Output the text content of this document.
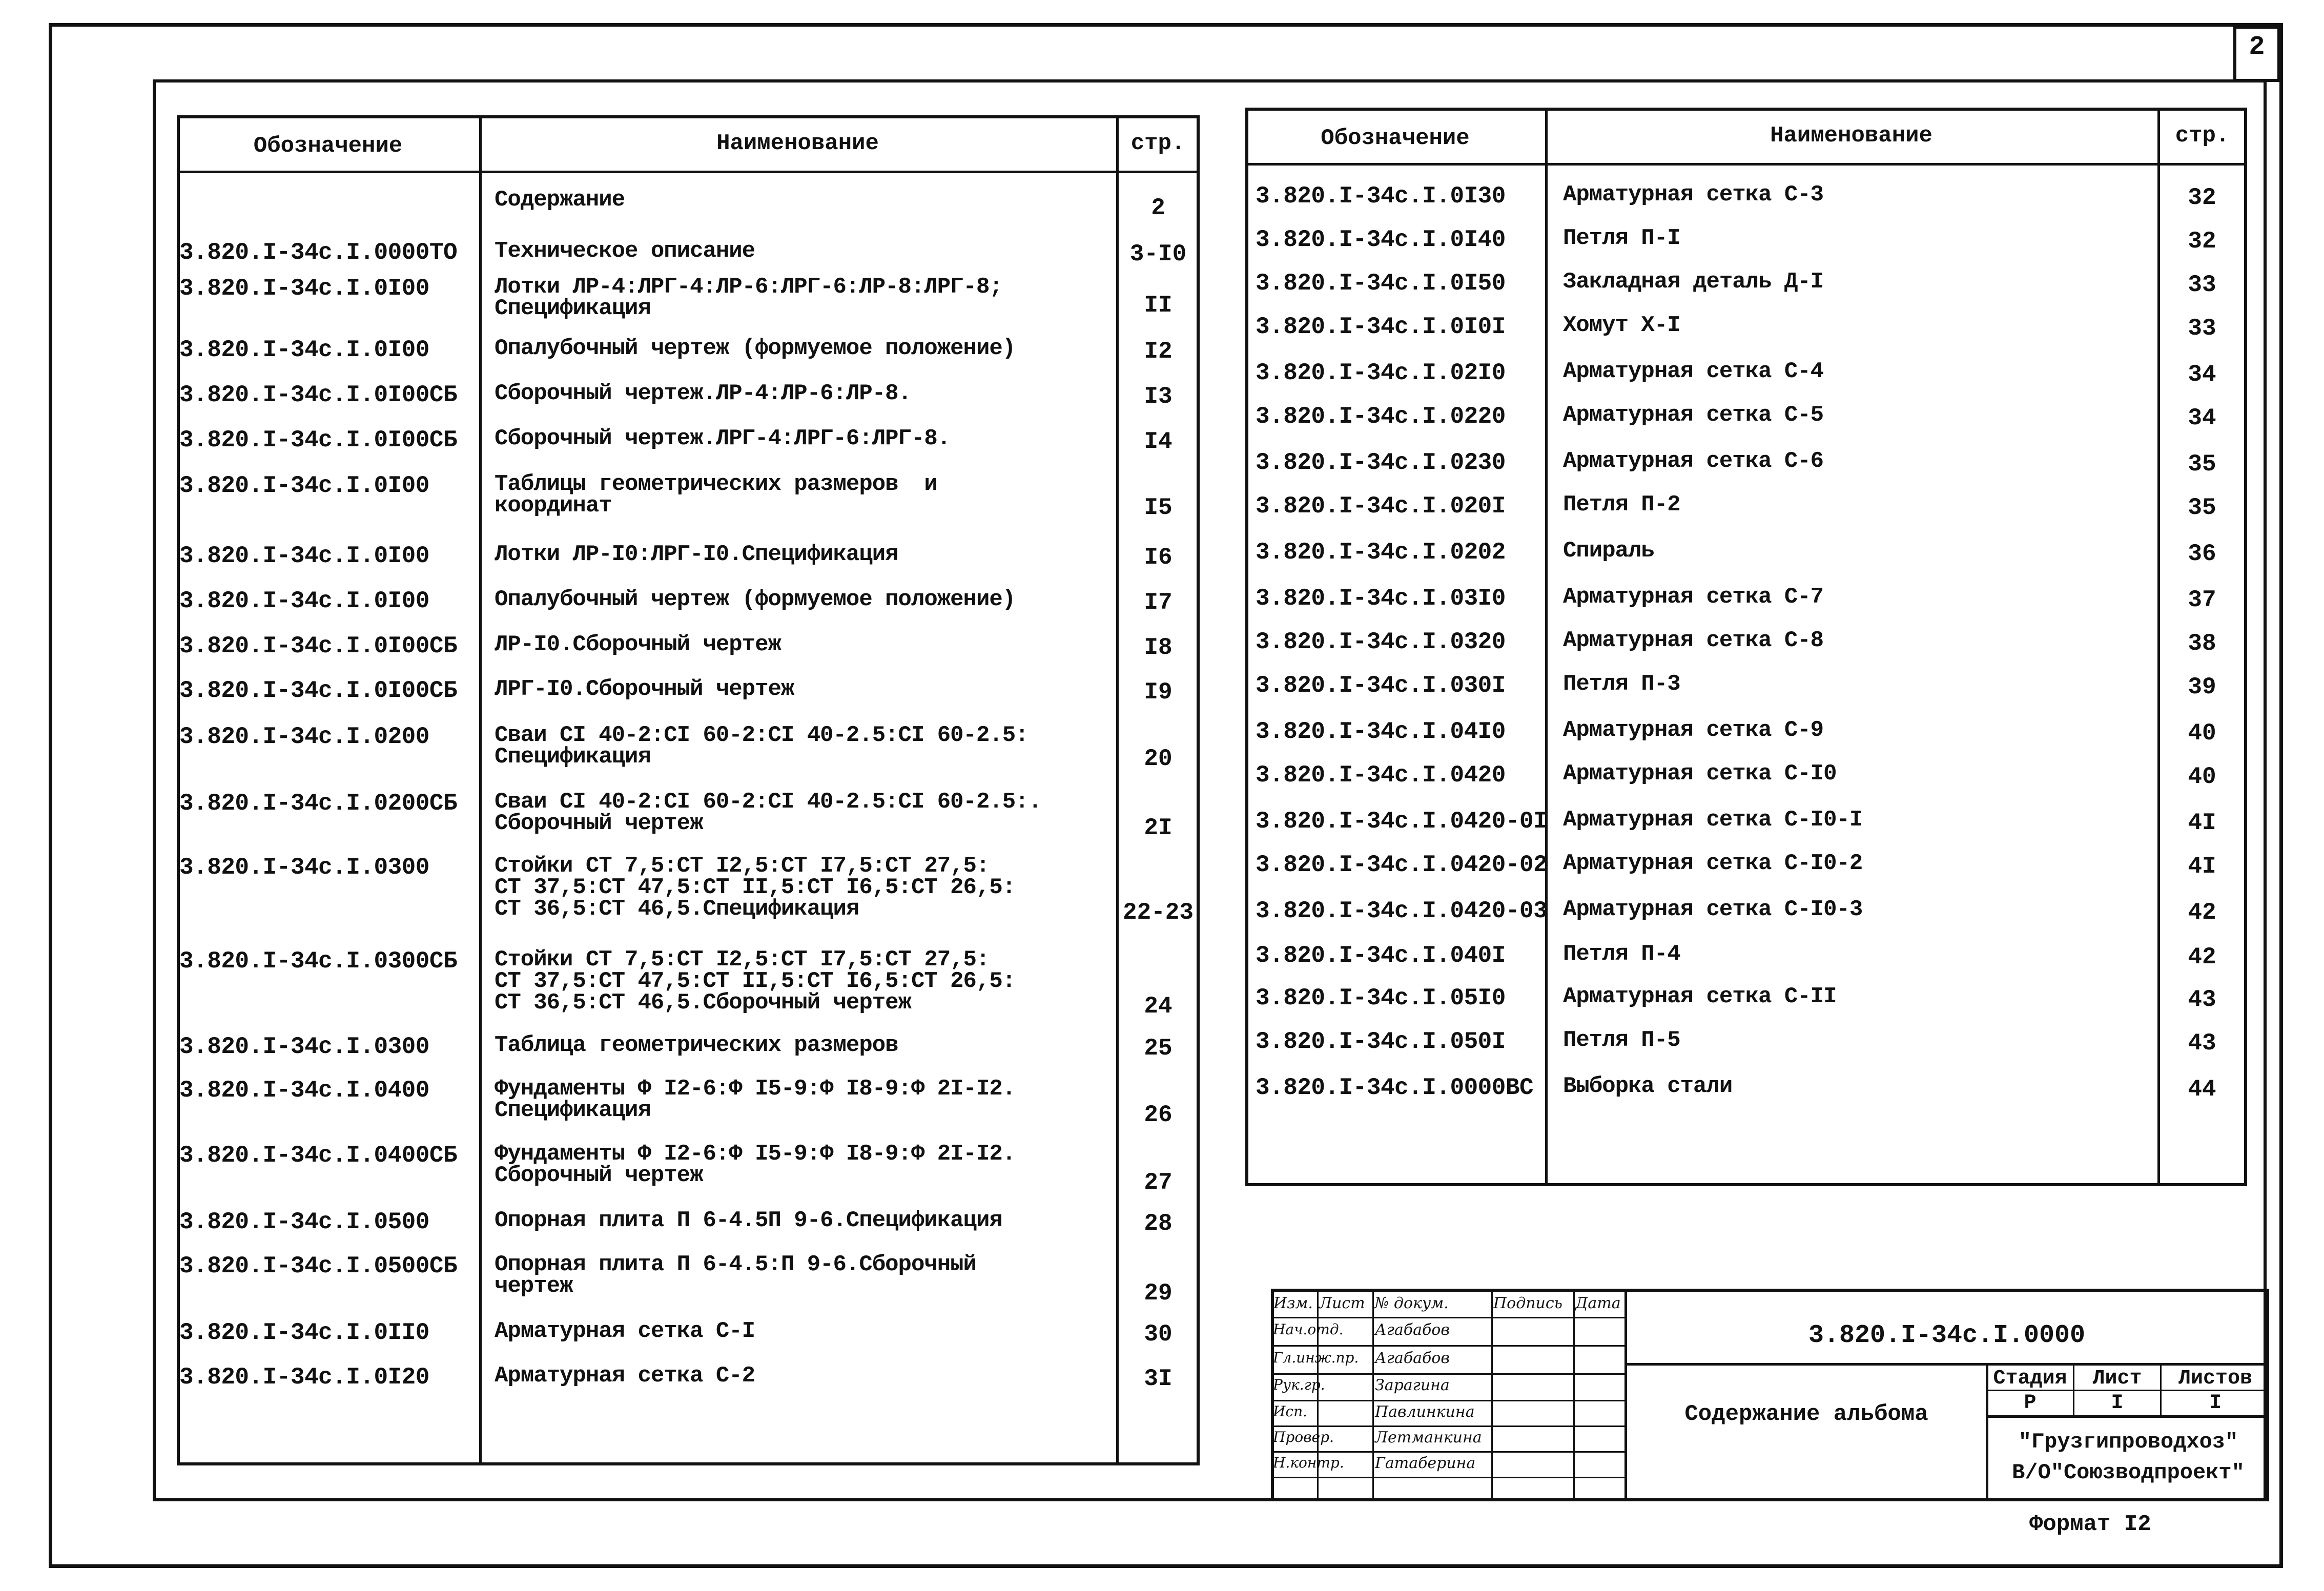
2
Обозначение	Наименование	стр.
Содержание	2
3.820.I-34с.I.0000ТО Техническое описание	3-I0
3.820.I-34с.I.0I00	Лотки ЛР-4:ЛРГ-4:ЛР-6:ЛРГ-6:ЛР-8:ЛРГ-8;
Спецификация	II
3.820.I-34с.I.0I00	Опалубочный чертеж (формуемое положение)	I2
3.820.I-34с.I.0I00СБ Сборочный чертеж.ЛР-4:ЛР-6:ЛР-8.	I3
3.820.I-34с.I.0I00СБ Сборочный чертеж.ЛРГ-4:ЛРГ-6:ЛРГ-8.	I4
3.820.I-34с.I.0I00	Таблицы геометрических размеров  и
координат	I5
3.820.I-34с.I.0I00	Лотки ЛР-I0:ЛРГ-I0.Спецификация	I6
3.820.I-34с.I.0I00	Опалубочный чертеж (формуемое положение)	I7
3.820.I-34с.I.0I00СБ ЛР-I0.Сборочный чертеж	I8
3.820.I-34с.I.0I00СБ ЛРГ-I0.Сборочный чертеж	I9
3.820.I-34с.I.0200	Сваи СI 40-2:СI 60-2:СI 40-2.5:СI 60-2.5:
Спецификация	20
3.820.I-34с.I.0200СБ Сваи СI 40-2:СI 60-2:СI 40-2.5:СI 60-2.5:.
Сборочный чертеж	2I
3.820.I-34с.I.0300	Стойки СТ 7,5:СТ I2,5:СТ I7,5:СТ 27,5:
СТ 37,5:СТ 47,5:СТ II,5:СТ I6,5:СТ 26,5:
СТ 36,5:СТ 46,5.Спецификация	22-23
3.820.I-34с.I.0300СБ Стойки СТ 7,5:СТ I2,5:СТ I7,5:СТ 27,5:
СТ 37,5:СТ 47,5:СТ II,5:СТ I6,5:СТ 26,5:
СТ 36,5:СТ 46,5.Сборочный чертеж	24
3.820.I-34с.I.0300	Таблица геометрических размеров	25
3.820.I-34с.I.0400	Фундаменты Ф I2-6:Ф I5-9:Ф I8-9:Ф 2I-I2.
Спецификация	26
3.820.I-34с.I.0400СБ Фундаменты Ф I2-6:Ф I5-9:Ф I8-9:Ф 2I-I2.
Сборочный чертеж	27
3.820.I-34с.I.0500	Опорная плита П 6-4.5П 9-6.Спецификация	28
3.820.I-34с.I.0500СБ Опорная плита П 6-4.5:П 9-6.Сборочный
чертеж	29
3.820.I-34с.I.0II0	Арматурная сетка С-I	30
3.820.I-34с.I.0I20	Арматурная сетка С-2	3I
Обозначение	Наименование	стр.
3.820.I-34с.I.0I30	Арматурная сетка С-3	32
3.820.I-34с.I.0I40	Петля П-I	32
3.820.I-34с.I.0I50	Закладная деталь Д-I	33
3.820.I-34с.I.0I0I	Хомут Х-I	33
3.820.I-34с.I.02I0	Арматурная сетка С-4	34
3.820.I-34с.I.0220	Арматурная сетка С-5	34
3.820.I-34с.I.0230	Арматурная сетка С-6	35
3.820.I-34с.I.020I	Петля П-2	35
3.820.I-34с.I.0202	Спираль	36
3.820.I-34с.I.03I0	Арматурная сетка С-7	37
3.820.I-34с.I.0320	Арматурная сетка С-8	38
3.820.I-34с.I.030I	Петля П-3	39
3.820.I-34с.I.04I0	Арматурная сетка С-9	40
3.820.I-34с.I.0420	Арматурная сетка С-I0	40
3.820.I-34с.I.0420-0I Арматурная сетка С-I0-I	4I
3.820.I-34с.I.0420-02 Арматурная сетка С-I0-2	4I
3.820.I-34с.I.0420-03 Арматурная сетка С-I0-3	42
3.820.I-34с.I.040I	Петля П-4	42
3.820.I-34с.I.05I0	Арматурная сетка С-II	43
3.820.I-34с.I.050I	Петля П-5	43
3.820.I-34с.I.0000ВС Выборка стали	44
Изм. Лист № докум.	Подпись Дата
Нач.отд. Агабабов
Гл.инж.пр. Агабабов
Рук.гр.	Зарагина
Исп.	Павлинкина
Провер.	Летманкина
Н.контр. Гатаберина
3.820.I-34с.I.0000
Содержание альбома
Стадия	Лист	Листов
Р	I	I
"Грузгипроводхоз"
В/О"Союзводпроект"
Формат I2
